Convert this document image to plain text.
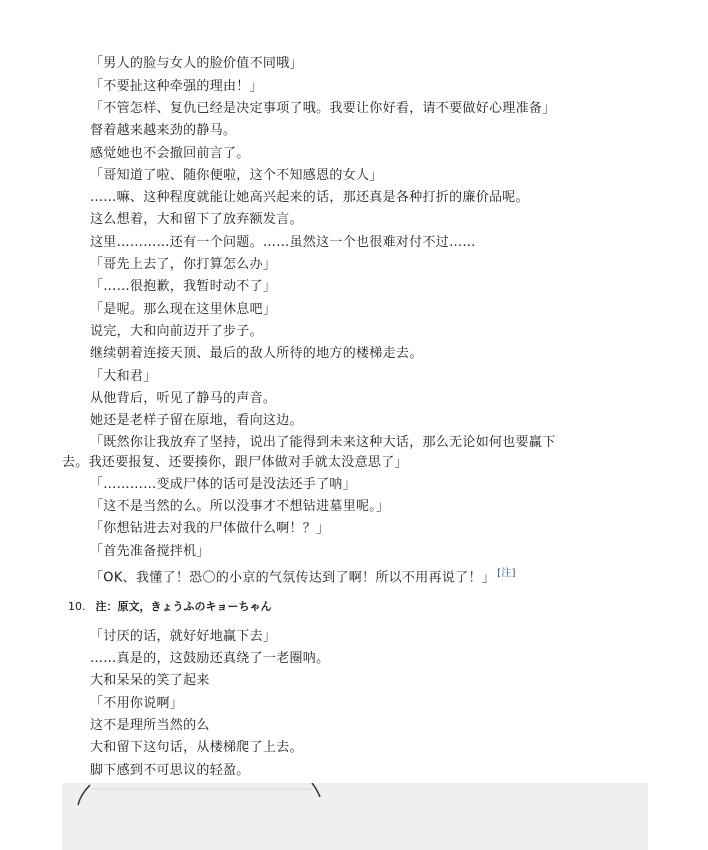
「男人的脸与女人的脸价值不同哦」
「不要扯这种牵强的理由！」
「不管怎样、复仇已经是决定事项了哦。我要让你好看，请不要做好心理准备」
督着越来越来劲的静马。
感觉她也不会撤回前言了。
「哥知道了啦、随你便啦，这个不知感恩的女人」
……嘛、这种程度就能让她高兴起来的话，那还真是各种打折的廉价品呢。
这么想着，大和留下了放弃额发言。
这里…………还有一个问题。……虽然这一个也很难对付不过……
「哥先上去了，你打算怎么办」
「……很抱歉，我暂时动不了」
「是呢。那么现在这里休息吧」
说完，大和向前迈开了步子。
继续朝着连接天顶、最后的敌人所待的地方的楼梯走去。
「大和君」
从他背后，听见了静马的声音。
她还是老样子留在原地，看向这边。
「既然你让我放弃了坚持，说出了能得到未来这种大话，那么无论如何也要赢下去。我还要报复、还要揍你，跟尸体做对手就太没意思了」
「…………变成尸体的话可是没法还手了呐」
「这不是当然的么。所以没事才不想钻进墓里呢。」
「你想钻进去对我的尸体做什么啊！？」
「首先准备搅拌机」
「OK、我懂了！恐〇的小京的气氛传达到了啊！所以不用再说了！」 [注]
10. 注：原文，きょうふのキョーちゃん
「讨厌的话，就好好地赢下去」
……真是的，这鼓励还真绕了一老圈呐。
大和呆呆的笑了起来
「不用你说啊」
这不是理所当然的么
大和留下这句话，从楼梯爬了上去。
脚下感到不可思议的轻盈。
